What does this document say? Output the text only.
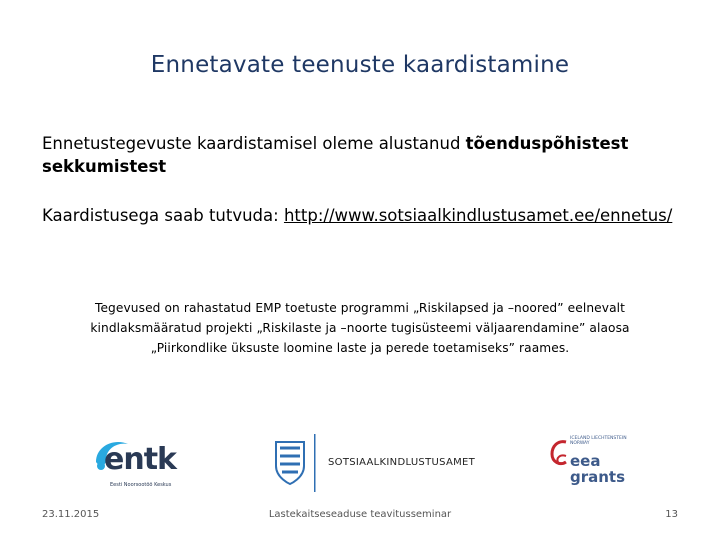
Ennetavate teenuste kaardistamine
Ennetustegevuste kaardistamisel oleme alustanud tõenduspõhistest sekkumistest
Kaardistusega saab tutvuda: http://www.sotsiaalkindlustusamet.ee/ennetus/
Tegevused on rahastatud EMP toetuste programmi „Riskilapsed ja –noored” eelnevalt
kindlaksmääratud projekti „Riskilaste ja –noorte tugisüsteemi väljaarendamine” alaosa
„Piirkondlike üksuste loomine laste ja perede toetamiseks” raames.
entk
Eesti Noorsootöö Keskus
SOTSIAALKINDLUSTUSAMET
ICELAND LIECHTENSTEIN NORWAY
eea
grants
23.11.2015	Lastekaitseseaduse teavitusseminar	13
